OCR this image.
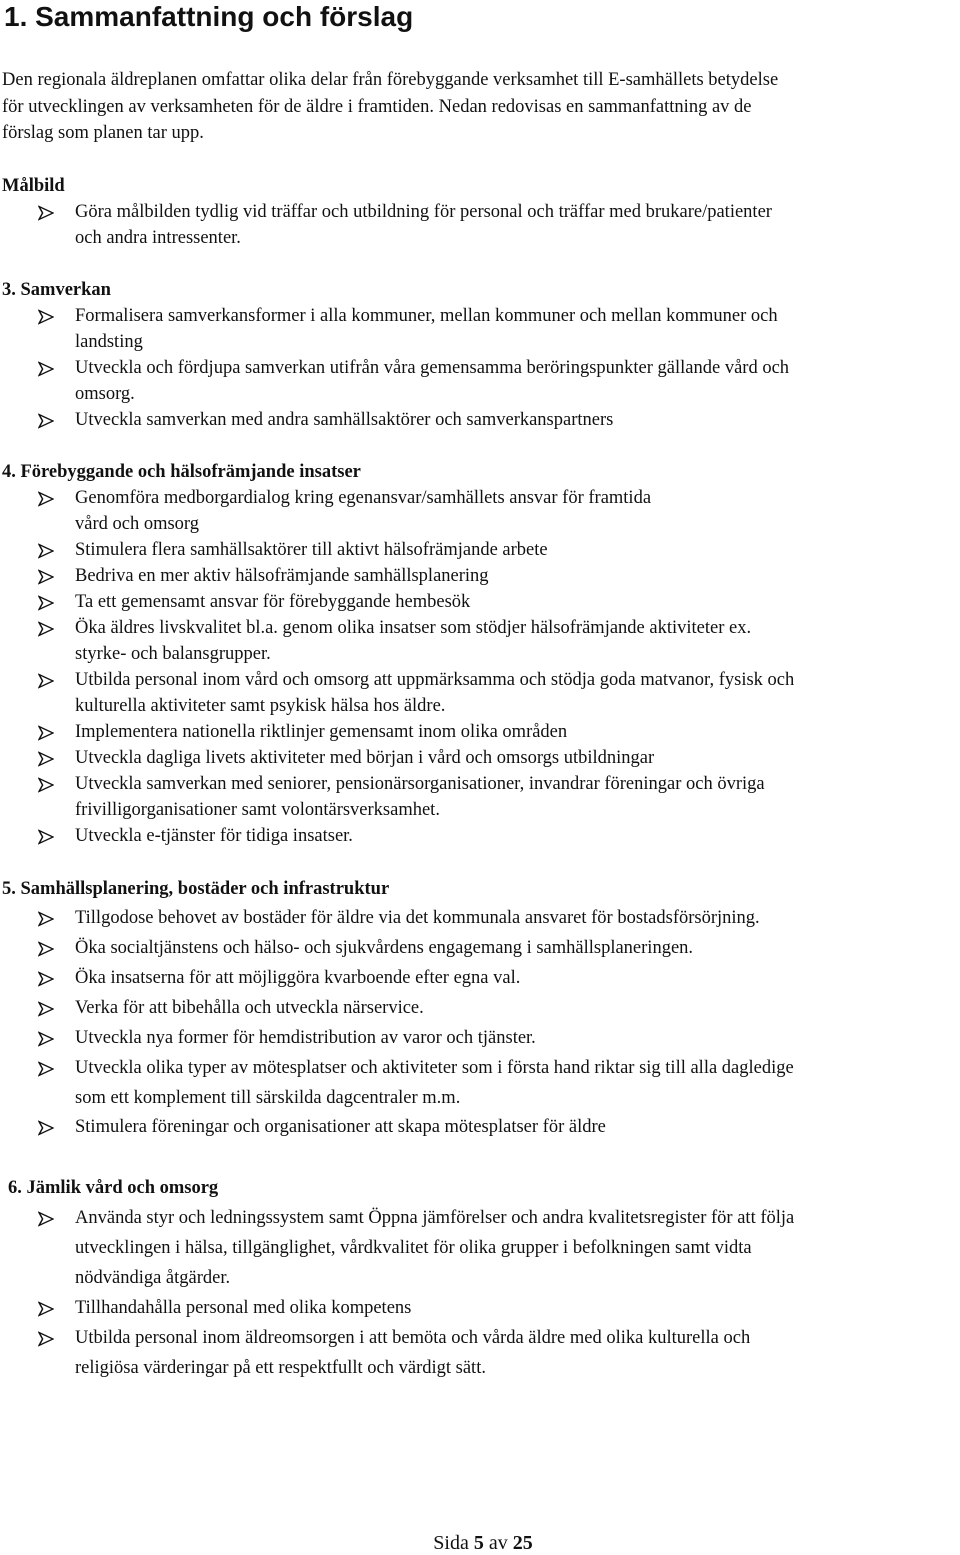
1. Sammanfattning och förslag
Den regionala äldreplanen omfattar olika delar från förebyggande verksamhet till E-samhällets betydelse
för utvecklingen av verksamheten för de äldre i framtiden. Nedan redovisas en sammanfattning av de
förslag som planen tar upp.
Målbild
Göra målbilden tydlig vid träffar och utbildning för personal och träffar med brukare/patienter
och andra intressenter.
3. Samverkan
Formalisera samverkansformer i alla kommuner, mellan kommuner och mellan kommuner och
landsting
Utveckla och fördjupa samverkan utifrån våra gemensamma beröringspunkter gällande vård och
omsorg.
Utveckla samverkan med andra samhällsaktörer och samverkanspartners
4. Förebyggande och hälsofrämjande insatser
Genomföra medborgardialog kring egenansvar/samhällets ansvar för framtida
vård och omsorg
Stimulera flera samhällsaktörer till aktivt hälsofrämjande arbete
Bedriva en mer aktiv hälsofrämjande samhällsplanering
Ta ett gemensamt ansvar för förebyggande hembesök
Öka äldres livskvalitet bl.a. genom olika insatser som stödjer hälsofrämjande aktiviteter ex.
styrke- och balansgrupper.
Utbilda personal inom vård och omsorg att uppmärksamma och stödja goda matvanor, fysisk och
kulturella aktiviteter samt psykisk hälsa hos äldre.
Implementera nationella riktlinjer gemensamt inom olika områden
Utveckla dagliga livets aktiviteter med början i vård och omsorgs utbildningar
Utveckla samverkan med seniorer, pensionärsorganisationer, invandrar föreningar och övriga
frivilligorganisationer samt volontärsverksamhet.
Utveckla e-tjänster för tidiga insatser.
5. Samhällsplanering, bostäder och infrastruktur
Tillgodose behovet av bostäder för äldre via det kommunala ansvaret för bostadsförsörjning.
Öka socialtjänstens och hälso- och sjukvårdens engagemang i samhällsplaneringen.
Öka insatserna för att möjliggöra kvarboende efter egna val.
Verka för att bibehålla och utveckla närservice.
Utveckla nya former för hemdistribution av varor och tjänster.
Utveckla olika typer av mötesplatser och aktiviteter som i första hand riktar sig till alla dagledige
som ett komplement till särskilda dagcentraler m.m.
Stimulera föreningar och organisationer att skapa mötesplatser för äldre
6. Jämlik vård och omsorg
Använda styr och ledningssystem samt Öppna jämförelser och andra kvalitetsregister för att följa
utvecklingen i hälsa, tillgänglighet, vårdkvalitet för olika grupper i befolkningen samt vidta
nödvändiga åtgärder.
Tillhandahålla personal med olika kompetens
Utbilda personal inom äldreomsorgen i att bemöta och vårda äldre med olika kulturella och
religiösa värderingar på ett respektfullt och värdigt sätt.
Sida 5 av 25
